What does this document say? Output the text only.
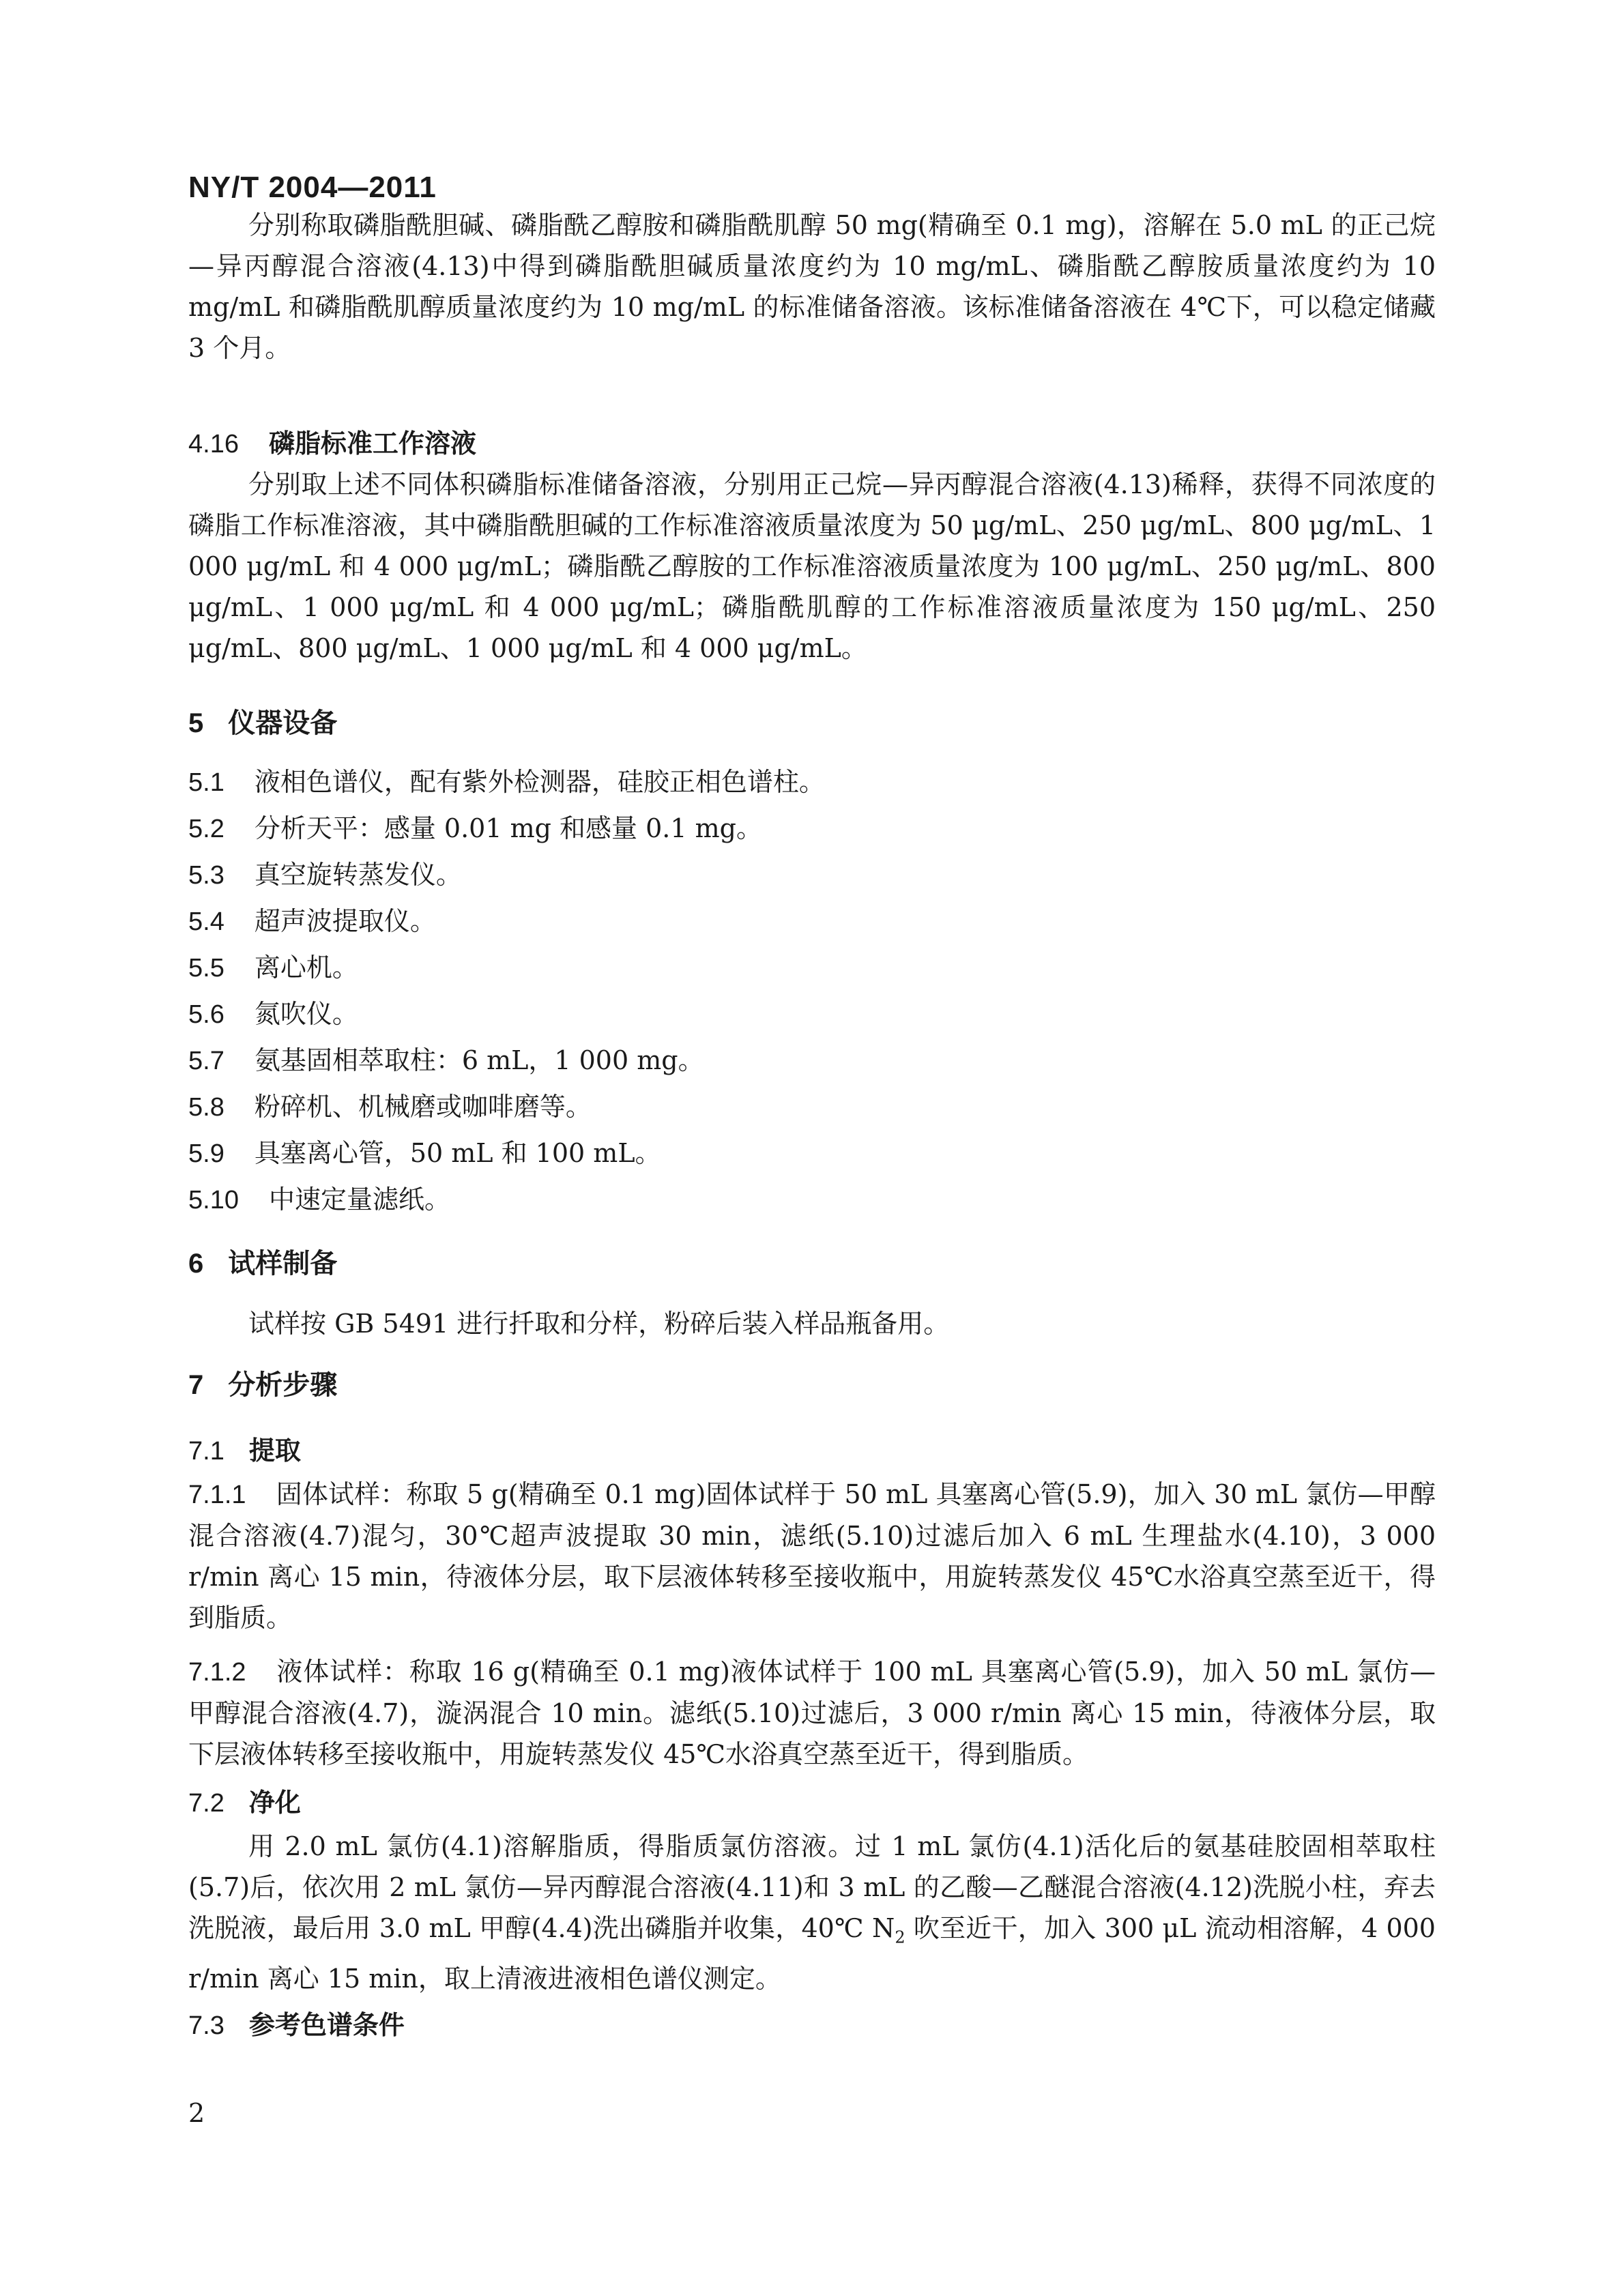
NY/T 2004—2011

分别称取磷脂酰胆碱、磷脂酰乙醇胺和磷脂酰肌醇 50 mg(精确至 0.1 mg)，溶解在 5.0 mL 的正己烷—异丙醇混合溶液(4.13)中得到磷脂酰胆碱质量浓度约为 10 mg/mL、磷脂酰乙醇胺质量浓度约为 10 mg/mL 和磷脂酰肌醇质量浓度约为 10 mg/mL 的标准储备溶液。该标准储备溶液在 4℃下，可以稳定储藏 3 个月。

4.16 磷脂标准工作溶液

分别取上述不同体积磷脂标准储备溶液，分别用正己烷—异丙醇混合溶液(4.13)稀释，获得不同浓度的磷脂工作标准溶液，其中磷脂酰胆碱的工作标准溶液质量浓度为 50 μg/mL、250 μg/mL、800 μg/mL、1 000 μg/mL 和 4 000 μg/mL；磷脂酰乙醇胺的工作标准溶液质量浓度为 100 μg/mL、250 μg/mL、800 μg/mL、1 000 μg/mL 和 4 000 μg/mL；磷脂酰肌醇的工作标准溶液质量浓度为 150 μg/mL、250 μg/mL、800 μg/mL、1 000 μg/mL 和 4 000 μg/mL。

5 仪器设备
5.1 液相色谱仪，配有紫外检测器，硅胶正相色谱柱。
5.2 分析天平：感量 0.01 mg 和感量 0.1 mg。
5.3 真空旋转蒸发仪。
5.4 超声波提取仪。
5.5 离心机。
5.6 氮吹仪。
5.7 氨基固相萃取柱：6 mL，1 000 mg。
5.8 粉碎机、机械磨或咖啡磨等。
5.9 具塞离心管，50 mL 和 100 mL。
5.10 中速定量滤纸。
6 试样制备

试样按 GB 5491 进行扦取和分样，粉碎后装入样品瓶备用。

7 分析步骤
7.1 提取

7.1.1 固体试样：称取 5 g(精确至 0.1 mg)固体试样于 50 mL 具塞离心管(5.9)，加入 30 mL 氯仿—甲醇混合溶液(4.7)混匀，30℃超声波提取 30 min，滤纸(5.10)过滤后加入 6 mL 生理盐水(4.10)，3 000 r/min 离心 15 min，待液体分层，取下层液体转移至接收瓶中，用旋转蒸发仪 45℃水浴真空蒸至近干，得到脂质。

7.1.2 液体试样：称取 16 g(精确至 0.1 mg)液体试样于 100 mL 具塞离心管(5.9)，加入 50 mL 氯仿—甲醇混合溶液(4.7)，漩涡混合 10 min。滤纸(5.10)过滤后，3 000 r/min 离心 15 min，待液体分层，取下层液体转移至接收瓶中，用旋转蒸发仪 45℃水浴真空蒸至近干，得到脂质。

7.2 净化

用 2.0 mL 氯仿(4.1)溶解脂质，得脂质氯仿溶液。过 1 mL 氯仿(4.1)活化后的氨基硅胶固相萃取柱(5.7)后，依次用 2 mL 氯仿—异丙醇混合溶液(4.11)和 3 mL 的乙酸—乙醚混合溶液(4.12)洗脱小柱，弃去洗脱液，最后用 3.0 mL 甲醇(4.4)洗出磷脂并收集，40℃ $N_2$ 吹至近干，加入 300 μL 流动相溶解，4 000 r/min 离心 15 min，取上清液进液相色谱仪测定。

7.3 参考色谱条件
2
